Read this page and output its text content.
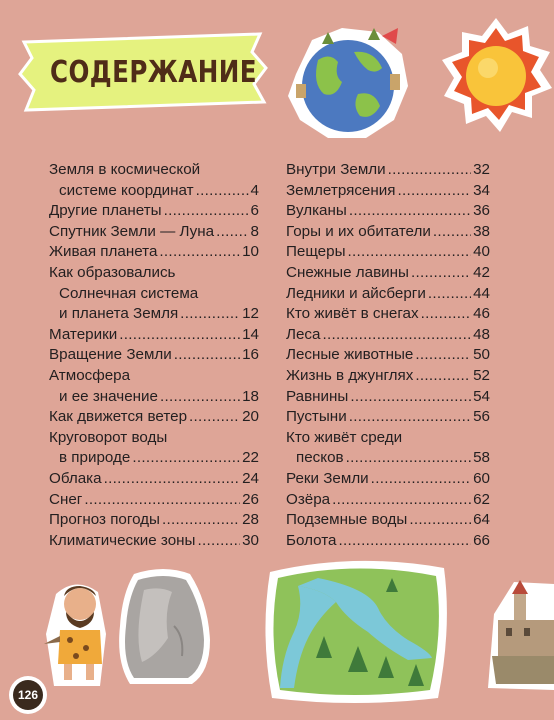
СОДЕРЖАНИЕ
Земля в космической
системе координат .....	4
Другие планеты .....	6
Спутник Земли — Луна ..... 8
Живая планета .....	10
Как образовались
Солнечная система
и планета Земля .....	12
Материки .....	14
Вращение Земли .....	16
Атмосфера
и ее значение .....	18
Как движется ветер .....	20
Круговорот воды
в природе .....	22
Облака .....	24
Снег .....	26
Прогноз погоды .....	28
Климатические зоны .....	30
Внутри Земли .....	32
Землетрясения .....	34
Вулканы .....	36
Горы и их обитатели .....	38
Пещеры .....	40
Снежные лавины .....	42
Ледники и айсберги .....	44
Кто живёт в снегах .....	46
Леса .....	48
Лесные животные .....	50
Жизнь в джунглях .....	52
Равнины .....	54
Пустыни .....	56
Кто живёт среди
песков .....	58
Реки Земли .....	60
Озёра .....	62
Подземные воды .....	64
Болота .....	66
126
